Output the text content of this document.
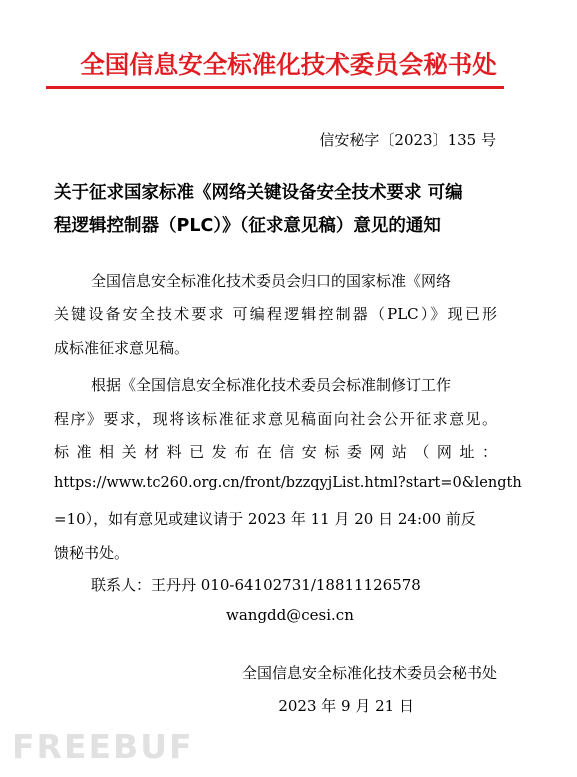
全国信息安全标准化技术委员会秘书处
信安秘字〔2023〕135 号
关于征求国家标准《网络关键设备安全技术要求 可编
程逻辑控制器（PLC）》（征求意见稿）意见的通知
全国信息安全标准化技术委员会归口的国家标准《网络
关键设备安全技术要求 可编程逻辑控制器（PLC）》现已形
成标准征求意见稿。
根据《全国信息安全标准化技术委员会标准制修订工作
程序》要求，现将该标准征求意见稿面向社会公开征求意见。
标准相关材料已发布在信安标委网站（网址：
https://www.tc260.org.cn/front/bzzqyjList.html?start=0&length
=10），如有意见或建议请于 2023 年 11 月 20 日 24:00 前反
馈秘书处。
联系人：王丹丹 010-64102731/18811126578
wangdd@cesi.cn
全国信息安全标准化技术委员会秘书处
2023 年 9 月 21 日
FREEBUF
